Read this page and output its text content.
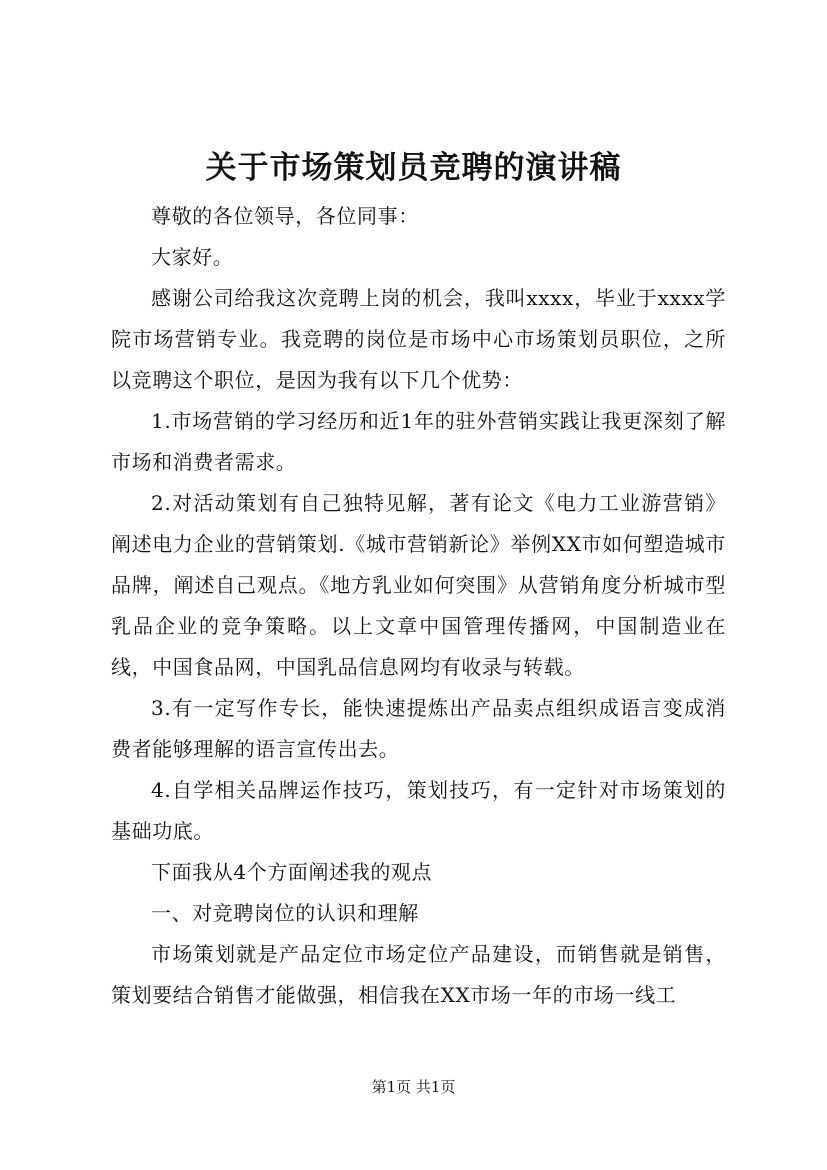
关于市场策划员竞聘的演讲稿

尊敬的各位领导，各位同事：

大家好。

感谢公司给我这次竞聘上岗的机会，我叫xxxx，毕业于xxxx学院市场营销专业。我竞聘的岗位是市场中心市场策划员职位，之所以竞聘这个职位，是因为我有以下几个优势：

1.市场营销的学习经历和近1年的驻外营销实践让我更深刻了解市场和消费者需求。

2.对活动策划有自己独特见解，著有论文《电力工业游营销》阐述电力企业的营销策划.《城市营销新论》举例XX市如何塑造城市品牌，阐述自己观点。《地方乳业如何突围》从营销角度分析城市型乳品企业的竞争策略。以上文章中国管理传播网，中国制造业在线，中国食品网，中国乳品信息网均有收录与转载。

3.有一定写作专长，能快速提炼出产品卖点组织成语言变成消费者能够理解的语言宣传出去。

4.自学相关品牌运作技巧，策划技巧，有一定针对市场策划的基础功底。

下面我从4个方面阐述我的观点

一、对竞聘岗位的认识和理解

市场策划就是产品定位市场定位产品建设，而销售就是销售，策划要结合销售才能做强，相信我在XX市场一年的市场一线工

第1页 共1页
